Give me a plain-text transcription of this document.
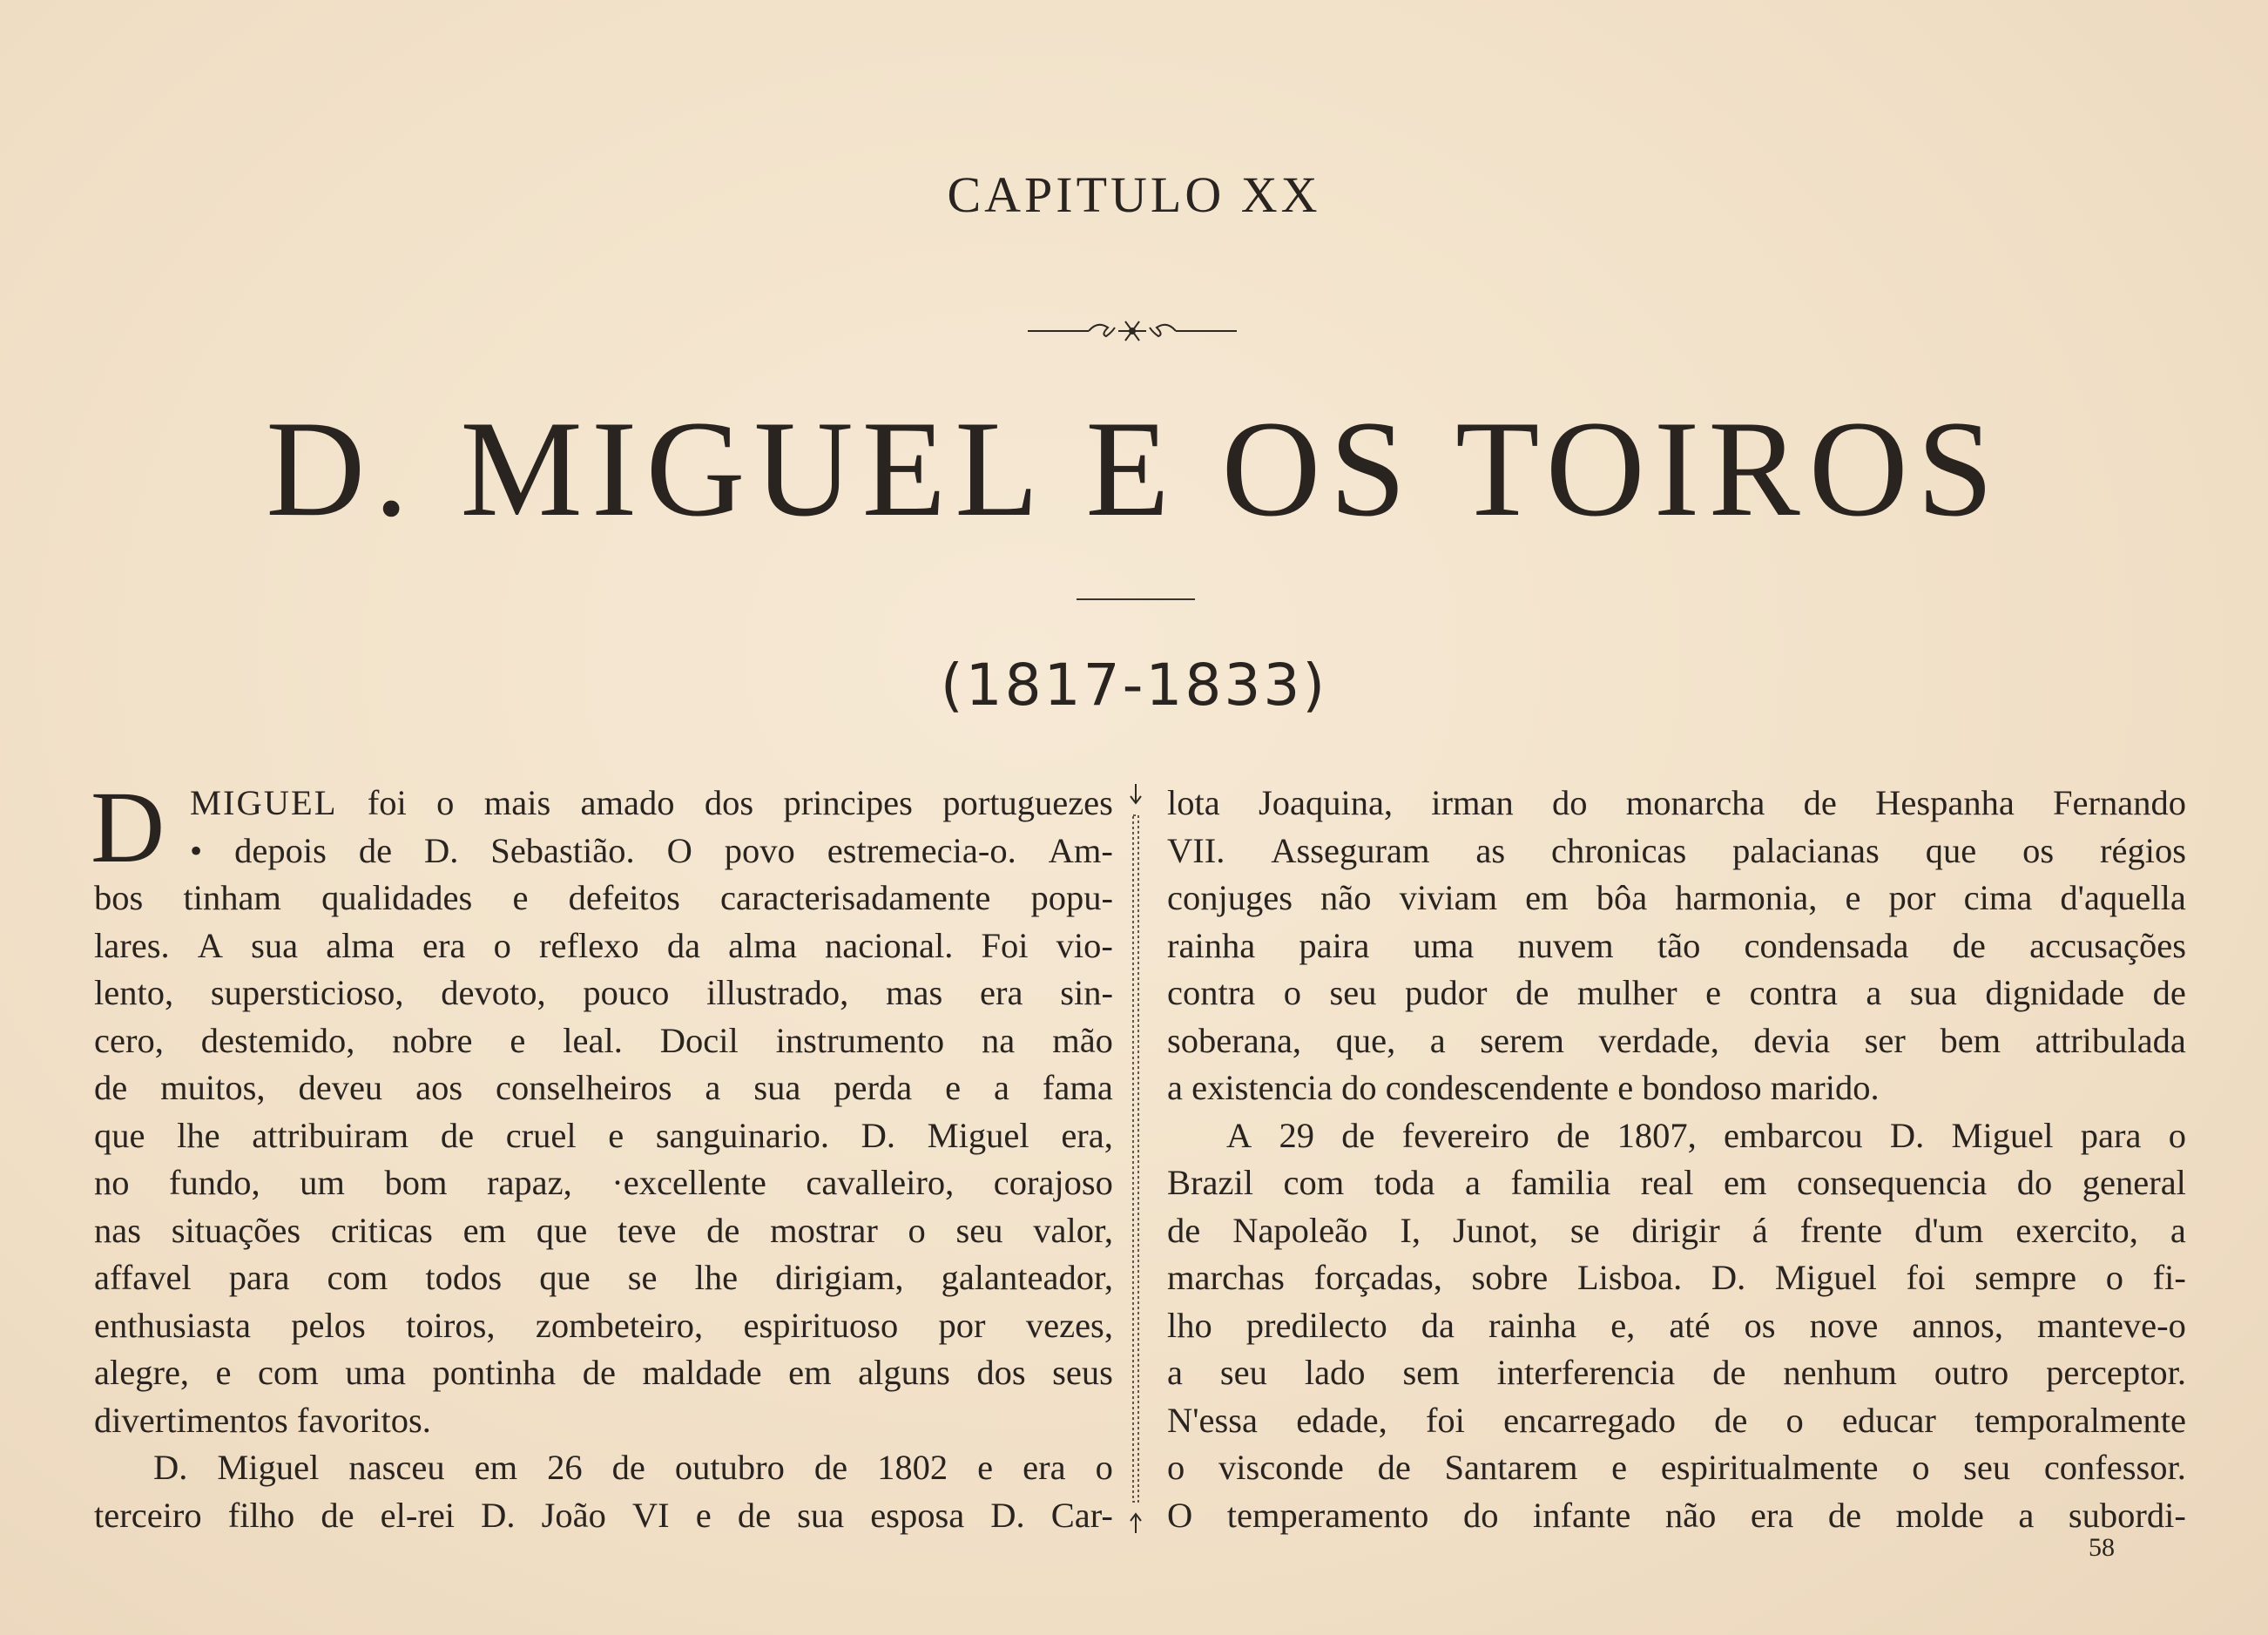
CAPITULO XX
D. MIGUEL E OS TOIROS
(1817-1833)
D MIGUEL foi o mais amado dos principes portuguezes
• depois de D. Sebastião. O povo estremecia-o. Am-
bos tinham qualidades e defeitos caracterisadamente popu-
lares. A sua alma era o reflexo da alma nacional. Foi vio-
lento, supersticioso, devoto, pouco illustrado, mas era sin-
cero, destemido, nobre e leal. Docil instrumento na mão
de muitos, deveu aos conselheiros a sua perda e a fama
que lhe attribuiram de cruel e sanguinario. D. Miguel era,
no fundo, um bom rapaz, ·excellente cavalleiro, corajoso
nas situações criticas em que teve de mostrar o seu valor,
affavel para com todos que se lhe dirigiam, galanteador,
enthusiasta pelos toiros, zombeteiro, espirituoso por vezes,
alegre, e com uma pontinha de maldade em alguns dos seus
divertimentos favoritos.
D. Miguel nasceu em 26 de outubro de 1802 e era o
terceiro filho de el-rei D. João VI e de sua esposa D. Car-
lota Joaquina, irman do monarcha de Hespanha Fernando
VII. Asseguram as chronicas palacianas que os régios
conjuges não viviam em bôa harmonia, e por cima d'aquella
rainha paira uma nuvem tão condensada de accusações
contra o seu pudor de mulher e contra a sua dignidade de
soberana, que, a serem verdade, devia ser bem attribulada
a existencia do condescendente e bondoso marido.
A 29 de fevereiro de 1807, embarcou D. Miguel para o
Brazil com toda a familia real em consequencia do general
de Napoleão I, Junot, se dirigir á frente d'um exercito, a
marchas forçadas, sobre Lisboa. D. Miguel foi sempre o fi-
lho predilecto da rainha e, até os nove annos, manteve-o
a seu lado sem interferencia de nenhum outro perceptor.
N'essa edade, foi encarregado de o educar temporalmente
o visconde de Santarem e espiritualmente o seu confessor.
O temperamento do infante não era de molde a subordi-
58
